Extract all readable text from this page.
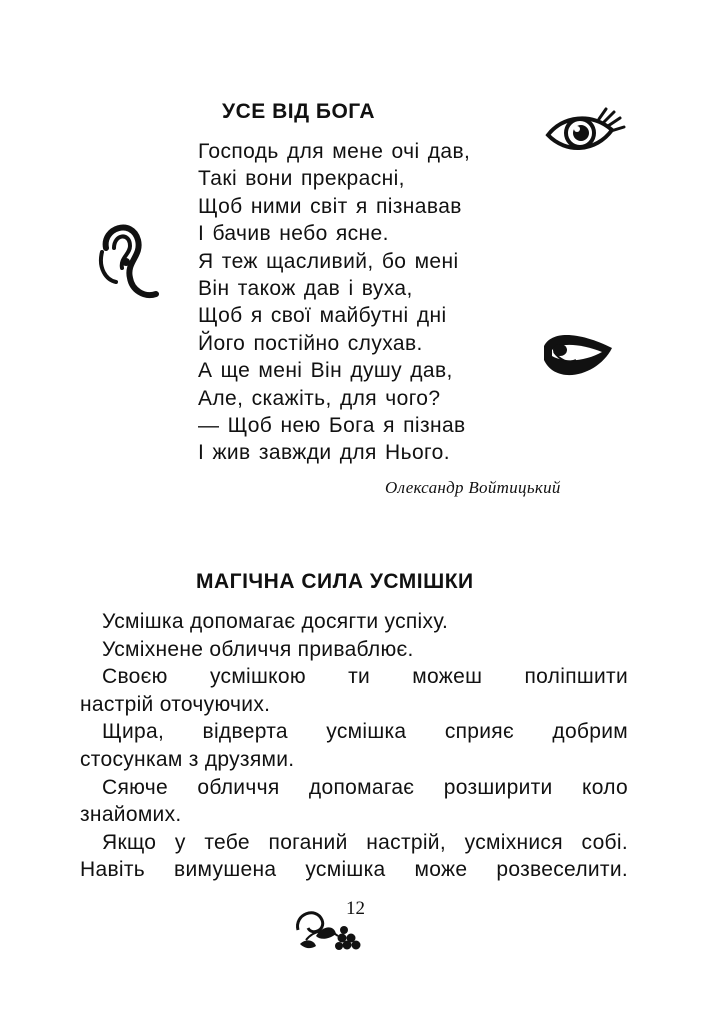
УСЕ ВІД БОГА
Господь для мене очі дав,
Такі вони прекрасні,
Щоб ними світ я пізнавав
І бачив небо ясне.
Я теж щасливий, бо мені
Він також дав і вуха,
Щоб я свої майбутні дні
Його постійно слухав.
А ще мені Він душу дав,
Але, скажіть, для чого?
— Щоб нею Бога я пізнав
І жив завжди для Нього.
Олександр Войтицький
МАГІЧНА СИЛА УСМІШКИ
Усмішка допомагає досягти успіху.
Усміхнене обличчя приваблює.
Своєю усмішкою ти можеш поліпшити
настрій оточуючих.
Щира, відверта усмішка сприяє добрим
стосункам з друзями.
Сяюче обличчя допомагає розширити коло
знайомих.
Якщо у тебе поганий настрій, усміхнися собі.
Навіть вимушена усмішка може розвеселити.
12
